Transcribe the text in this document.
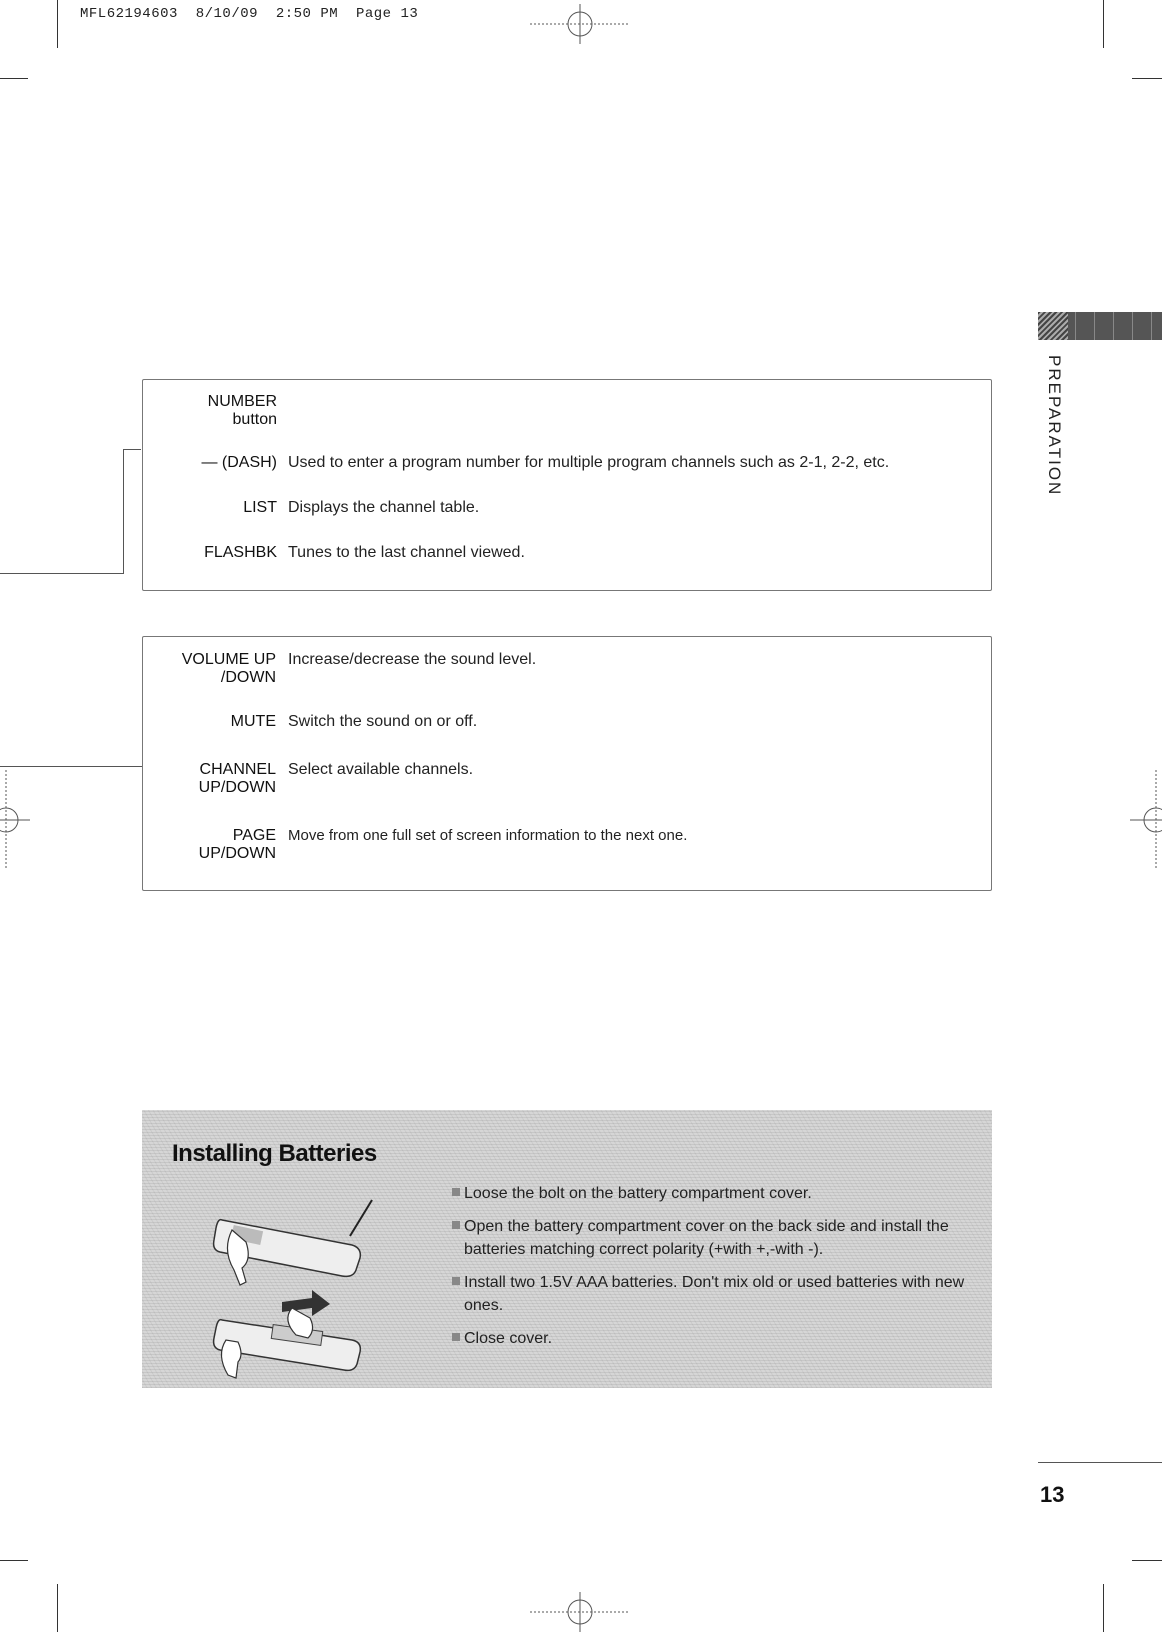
MFL62194603  8/10/09  2:50 PM  Page 13
PREPARATION
NUMBER
button
— (DASH) Used to enter a program number for multiple program channels such as 2-1, 2-2, etc.
LIST Displays the channel table.
FLASHBK Tunes to the last channel viewed.
VOLUME UP
/DOWN
Increase/decrease the sound level.
MUTE Switch the sound on or off.
CHANNEL
UP/DOWN
Select available channels.
PAGE
UP/DOWN
Move from one full set of screen information to the next one.
Installing Batteries
Loose the bolt on the battery compartment cover.
Open the battery compartment cover on the back side and install the batteries matching correct polarity (+with +,-with -).
Install two 1.5V AAA batteries. Don't mix old or used batteries with new ones.
Close cover.
13
